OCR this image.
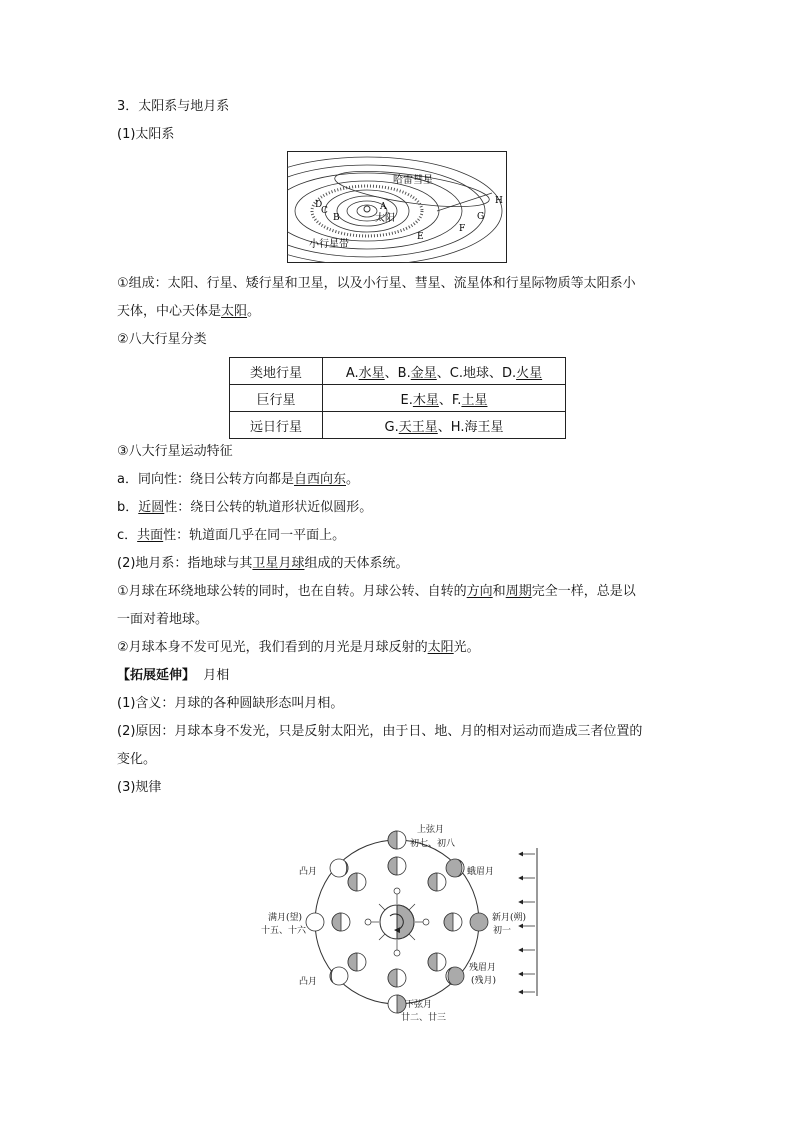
3．太阳系与地月系
(1)太阳系
太阳
哈雷彗星
小行星带
A
B
C
D
E
F
G
H
①组成：太阳、行星、矮行星和卫星，以及小行星、彗星、流星体和行星际物质等太阳系小
天体，中心天体是太阳。
②八大行星分类
类地行星	A.水星、B.金星、C.地球、D.火星
巨行星	E.木星、F.土星
远日行星	G.天王星、H.海王星
③八大行星运动特征
a．同向性：绕日公转方向都是自西向东。
b．近圆性：绕日公转的轨道形状近似圆形。
c．共面性：轨道面几乎在同一平面上。
(2)地月系：指地球与其卫星月球组成的天体系统。
①月球在环绕地球公转的同时，也在自转。月球公转、自转的方向和周期完全一样，总是以
一面对着地球。
②月球本身不发可见光，我们看到的月光是月球反射的太阳光。
【拓展延伸】 月相
(1)含义：月球的各种圆缺形态叫月相。
(2)原因：月球本身不发光，只是反射太阳光，由于日、地、月的相对运动而造成三者位置的
变化。
(3)规律
上弦月
初七、初八
蛾眉月
新月(朔)
初一
残眉月
(残月)
下弦月
廿二、廿三
凸月
满月(望)
十五、十六
凸月
